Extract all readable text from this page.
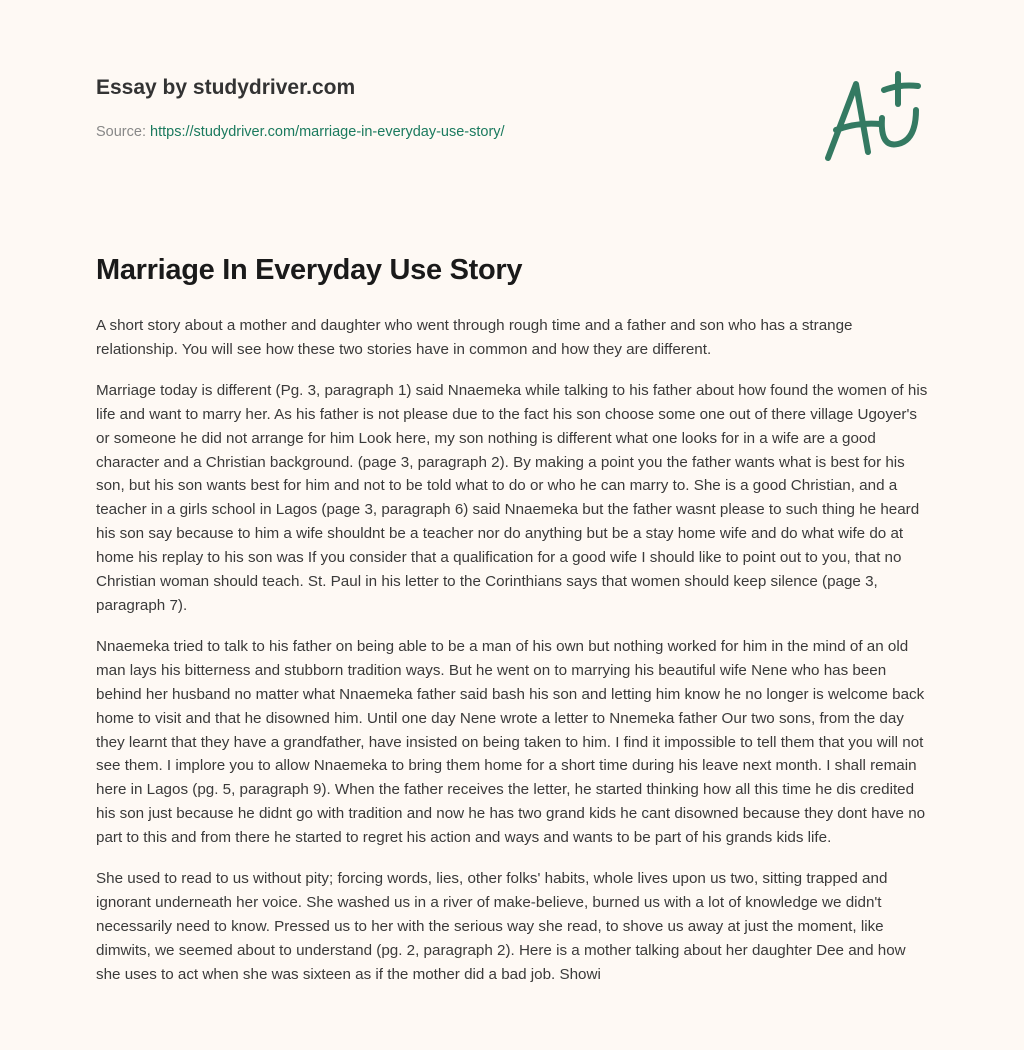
Essay by studydriver.com
Source: https://studydriver.com/marriage-in-everyday-use-story/
Marriage In Everyday Use Story

A short story about a mother and daughter who went through rough time and a father and son who has a strange relationship. You will see how these two stories have in common and how they are different.

Marriage today is different (Pg. 3, paragraph 1) said Nnaemeka while talking to his father about how found the women of his life and want to marry her. As his father is not please due to the fact his son choose some one out of there village Ugoyer's or someone he did not arrange for him Look here, my son nothing is different what one looks for in a wife are a good character and a Christian background. (page 3, paragraph 2). By making a point you the father wants what is best for his son, but his son wants best for him and not to be told what to do or who he can marry to. She is a good Christian, and a teacher in a girls school in Lagos (page 3, paragraph 6) said Nnaemeka but the father wasnt please to such thing he heard his son say because to him a wife shouldnt be a teacher nor do anything but be a stay home wife and do what wife do at home his replay to his son was If you consider that a qualification for a good wife I should like to point out to you, that no Christian woman should teach. St. Paul in his letter to the Corinthians says that women should keep silence (page 3, paragraph 7).

Nnaemeka tried to talk to his father on being able to be a man of his own but nothing worked for him in the mind of an old man lays his bitterness and stubborn tradition ways. But he went on to marrying his beautiful wife Nene who has been behind her husband no matter what Nnaemeka father said bash his son and letting him know he no longer is welcome back home to visit and that he disowned him. Until one day Nene wrote a letter to Nnemeka father Our two sons, from the day they learnt that they have a grandfather, have insisted on being taken to him. I find it impossible to tell them that you will not see them. I implore you to allow Nnaemeka to bring them home for a short time during his leave next month. I shall remain here in Lagos (pg. 5, paragraph 9). When the father receives the letter, he started thinking how all this time he dis credited his son just because he didnt go with tradition and now he has two grand kids he cant disowned because they dont have no part to this and from there he started to regret his action and ways and wants to be part of his grands kids life.

She used to read to us without pity; forcing words, lies, other folks' habits, whole lives upon us two, sitting trapped and ignorant underneath her voice. She washed us in a river of make-believe, burned us with a lot of knowledge we didn't necessarily need to know. Pressed us to her with the serious way she read, to shove us away at just the moment, like dimwits, we seemed about to understand (pg. 2, paragraph 2). Here is a mother talking about her daughter Dee and how she uses to act when she was sixteen as if the mother did a bad job. Showi
